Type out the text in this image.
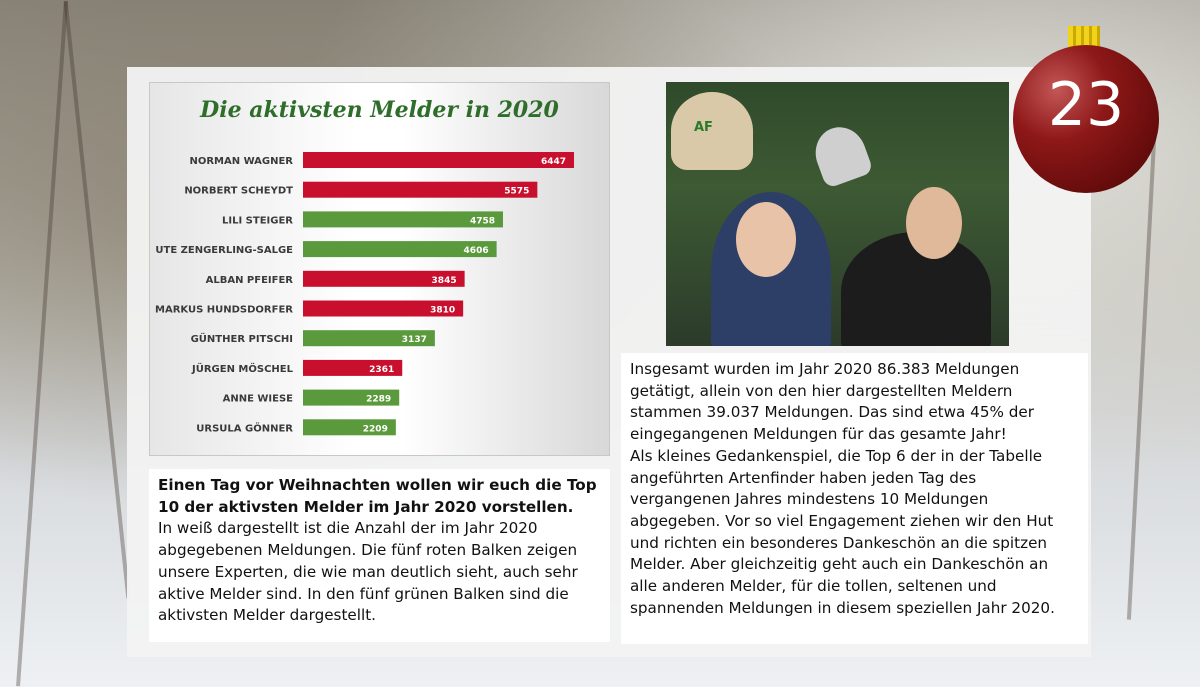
Die aktivsten Melder in 2020
NORMAN WAGNER	6447
NORBERT SCHEYDT	5575
LILI STEIGER	4758
UTE ZENGERLING-SALGE	4606
ALBAN PFEIFER	3845
MARKUS HUNDSDORFER	3810
GÜNTHER PITSCHI	3137
JÜRGEN MÖSCHEL	2361
ANNE WIESE	2289
URSULA GÖNNER	2209
Einen Tag vor Weihnachten wollen wir euch die Top 10 der aktivsten Melder im Jahr 2020 vorstellen.
In weiß dargestellt ist die Anzahl der im Jahr 2020 abgegebenen Meldungen. Die fünf roten Balken zeigen unsere Experten, die wie man deutlich sieht, auch sehr aktive Melder sind. In den fünf grünen Balken sind die aktivsten Melder dargestellt.
AF
Insgesamt wurden im Jahr 2020 86.383 Meldungen getätigt, allein von den hier dargestellten Meldern stammen 39.037 Meldungen. Das sind etwa 45% der eingegangenen Meldungen für das gesamte Jahr!
Als kleines Gedankenspiel, die Top 6 der in der Tabelle angeführten Artenfinder haben jeden Tag des vergangenen Jahres mindestens 10 Meldungen abgegeben. Vor so viel Engagement ziehen wir den Hut und richten ein besonderes Dankeschön an die spitzen Melder. Aber gleichzeitig geht auch ein Dankeschön an alle anderen Melder, für die tollen, seltenen und spannenden Meldungen in diesem speziellen Jahr 2020.
23
